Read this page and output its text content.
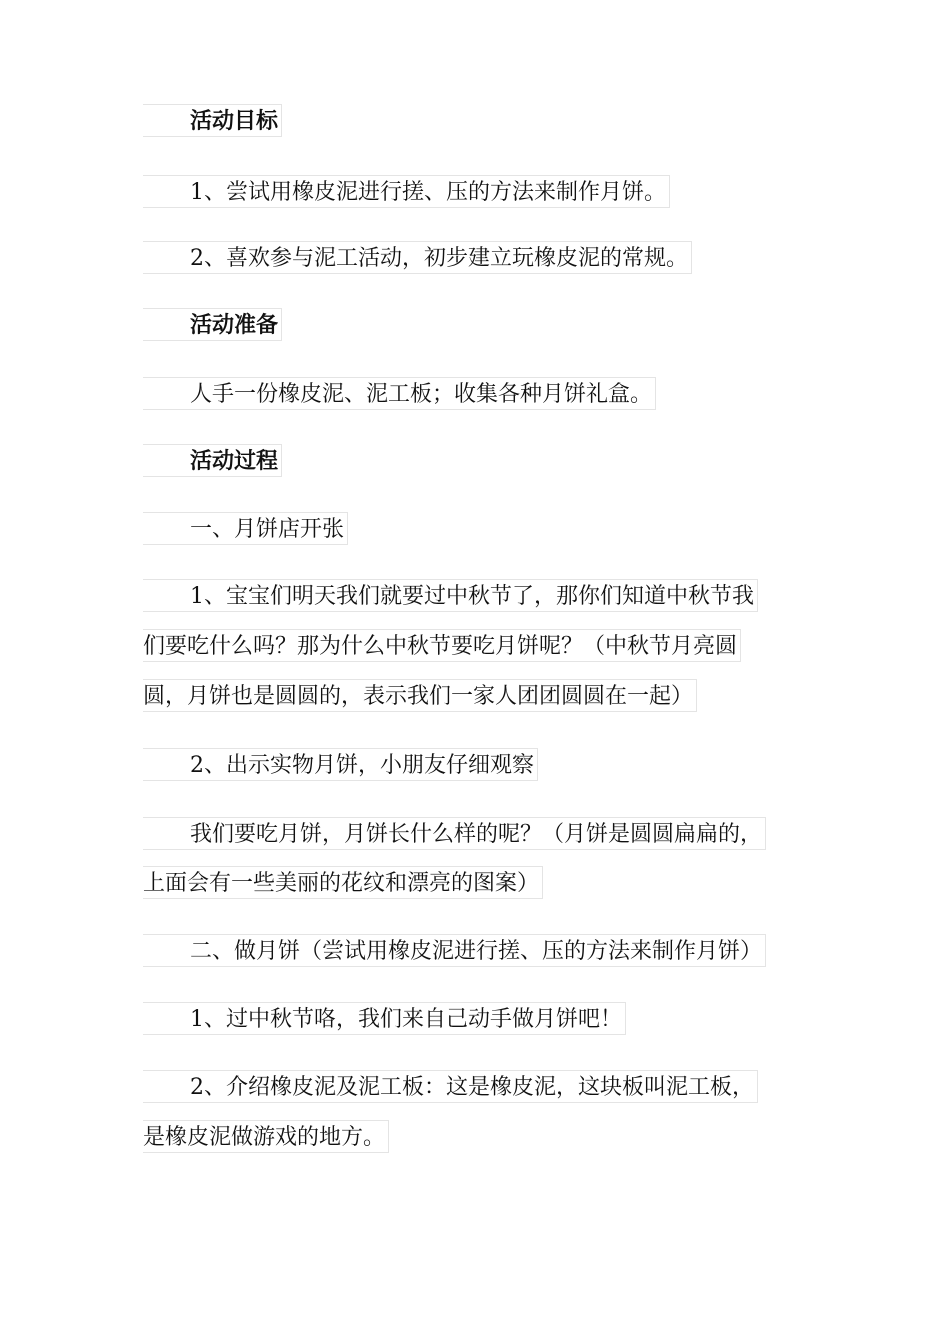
活动目标
1、尝试用橡皮泥进行搓、压的方法来制作月饼。
2、喜欢参与泥工活动，初步建立玩橡皮泥的常规。
活动准备
人手一份橡皮泥、泥工板；收集各种月饼礼盒。
活动过程
一、月饼店开张
1、宝宝们明天我们就要过中秋节了，那你们知道中秋节我
们要吃什么吗？那为什么中秋节要吃月饼呢？（中秋节月亮圆
圆，月饼也是圆圆的，表示我们一家人团团圆圆在一起）
2、出示实物月饼，小朋友仔细观察
我们要吃月饼，月饼长什么样的呢？（月饼是圆圆扁扁的，
上面会有一些美丽的花纹和漂亮的图案）
二、做月饼（尝试用橡皮泥进行搓、压的方法来制作月饼）
1、过中秋节咯，我们来自己动手做月饼吧！
2、介绍橡皮泥及泥工板：这是橡皮泥，这块板叫泥工板，
是橡皮泥做游戏的地方。
